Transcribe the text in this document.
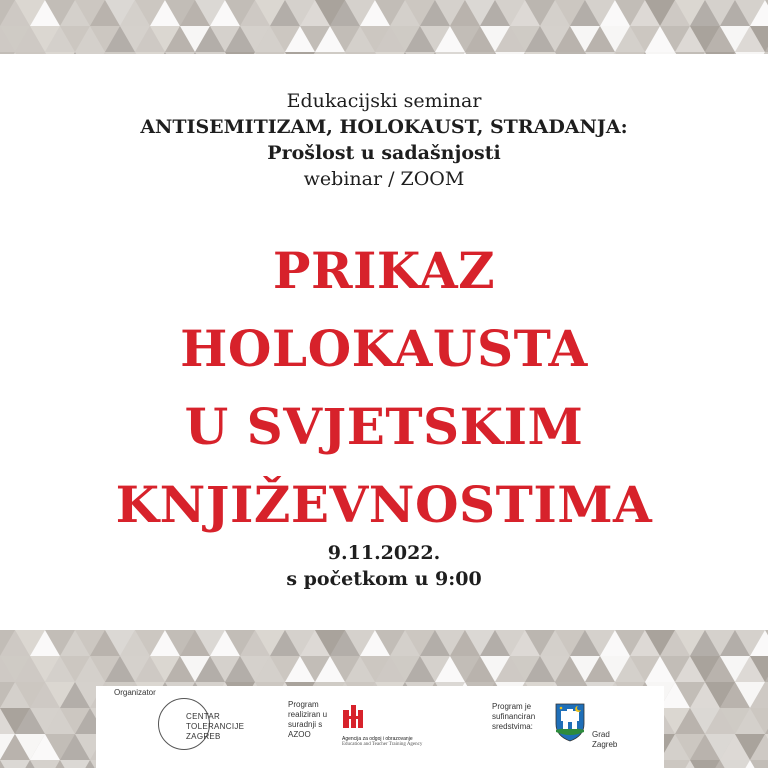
Edukacijski seminar
ANTISEMITIZAM, HOLOKAUST, STRADANJA:
Prošlost u sadašnjosti
webinar / ZOOM
PRIKAZ
HOLOKAUSTA
U SVJETSKIM
KNJIŽEVNOSTIMA
9.11.2022.
s početkom u 9:00
Organizator
CENTAR
TOLERANCIJE
ZAGREB
Program
realiziran u
suradnji s
AZOO	Agencija za odgoj i obrazovanje
Education and Teacher Training Agency
Program je
sufinanciran
sredstvima:
Grad
Zagreb
